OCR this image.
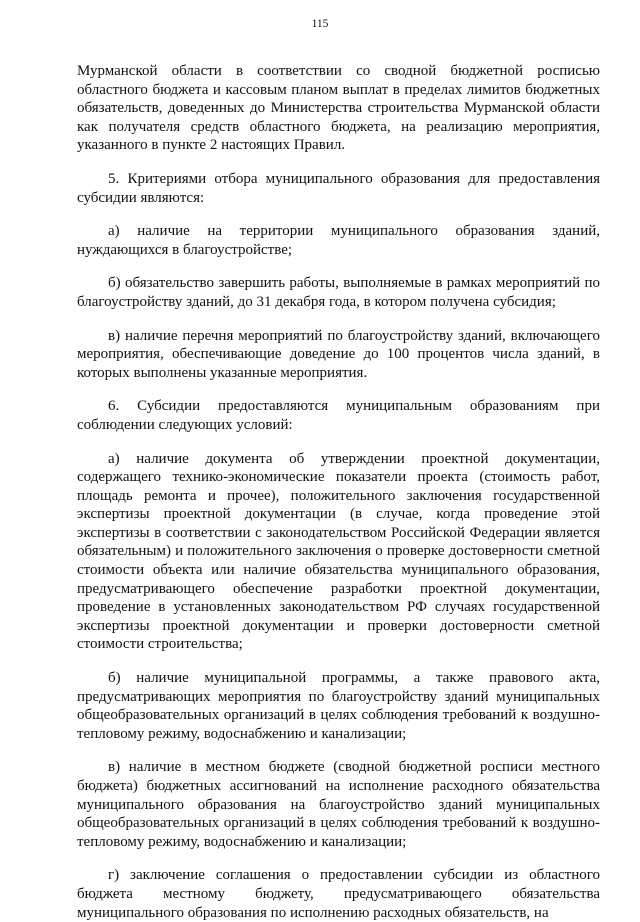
115

Мурманской области в соответствии со сводной бюджетной росписью областного бюджета и кассовым планом выплат в пределах лимитов бюджетных обязательств, доведенных до Министерства строительства Мурманской области как получателя средств областного бюджета, на реализацию мероприятия, указанного в пункте 2 настоящих Правил.

5. Критериями отбора муниципального образования для предоставления субсидии являются:

а) наличие на территории муниципального образования зданий, нуждающихся в благоустройстве;

б) обязательство завершить работы, выполняемые в рамках мероприятий по благоустройству зданий, до 31 декабря года, в котором получена субсидия;

в) наличие перечня мероприятий по благоустройству зданий, включающего мероприятия, обеспечивающие доведение до 100 процентов числа зданий, в которых выполнены указанные мероприятия.

6. Субсидии предоставляются муниципальным образованиям при соблюдении следующих условий:

а) наличие документа об утверждении проектной документации, содержащего технико-экономические показатели проекта (стоимость работ, площадь ремонта и прочее), положительного заключения государственной экспертизы проектной документации (в случае, когда проведение этой экспертизы в соответствии с законодательством Российской Федерации является обязательным) и положительного заключения о проверке достоверности сметной стоимости объекта или наличие обязательства муниципального образования, предусматривающего обеспечение разработки проектной документации, проведение в установленных законодательством РФ случаях государственной экспертизы проектной документации и проверки достоверности сметной стоимости строительства;

б) наличие муниципальной программы, а также правового акта, предусматривающих мероприятия по благоустройству зданий муниципальных общеобразовательных организаций в целях соблюдения требований к воздушно-тепловому режиму, водоснабжению и канализации;

в) наличие в местном бюджете (сводной бюджетной росписи местного бюджета) бюджетных ассигнований на исполнение расходного обязательства муниципального образования на благоустройство зданий муниципальных общеобразовательных организаций в целях соблюдения требований к воздушно-тепловому режиму, водоснабжению и канализации;

г) заключение соглашения о предоставлении субсидии из областного бюджета местному бюджету, предусматривающего обязательства муниципального образования по исполнению расходных обязательств, на
